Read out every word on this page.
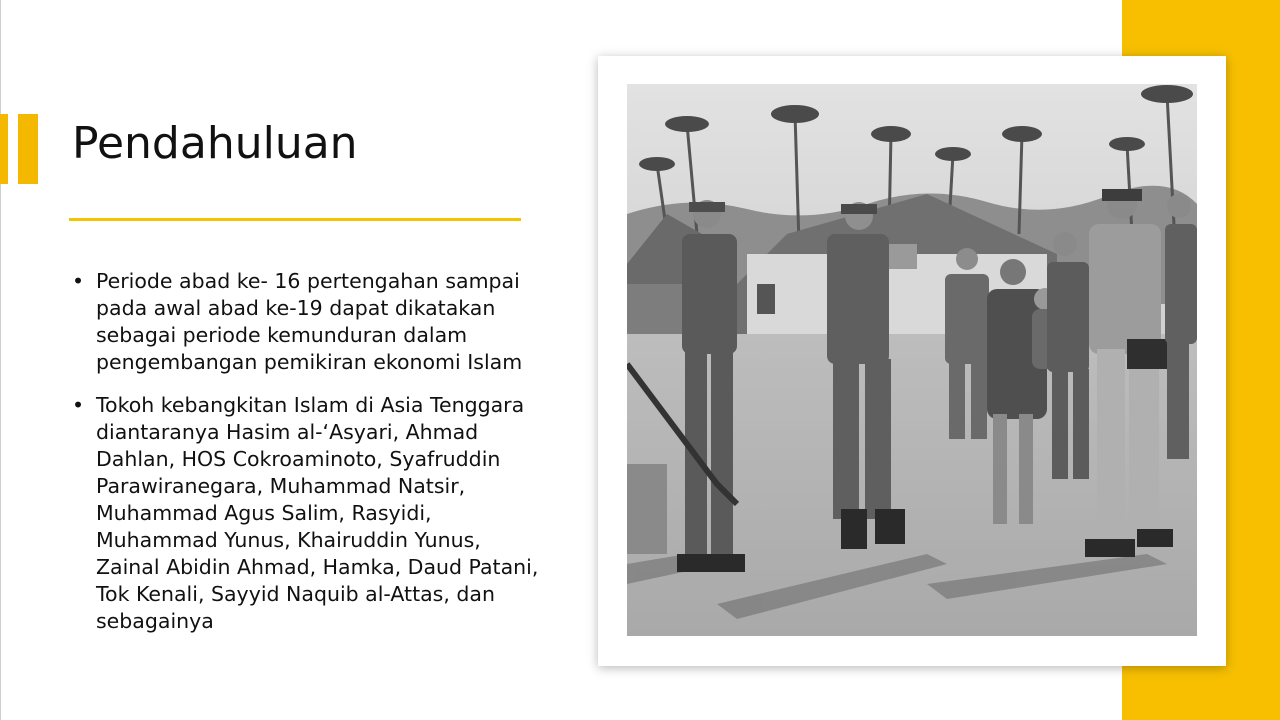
Pendahuluan
• Periode abad ke- 16 pertengahan sampai pada awal abad ke-19 dapat dikatakan sebagai periode kemunduran dalam pengembangan pemikiran ekonomi Islam
• Tokoh kebangkitan Islam di Asia Tenggara diantaranya Hasim al-‘Asyari, Ahmad Dahlan, HOS Cokroaminoto, Syafruddin Parawiranegara, Muhammad Natsir, Muhammad Agus Salim, Rasyidi, Muhammad Yunus, Khairuddin Yunus, Zainal Abidin Ahmad, Hamka, Daud Patani, Tok Kenali, Sayyid Naquib al-Attas, dan sebagainya
